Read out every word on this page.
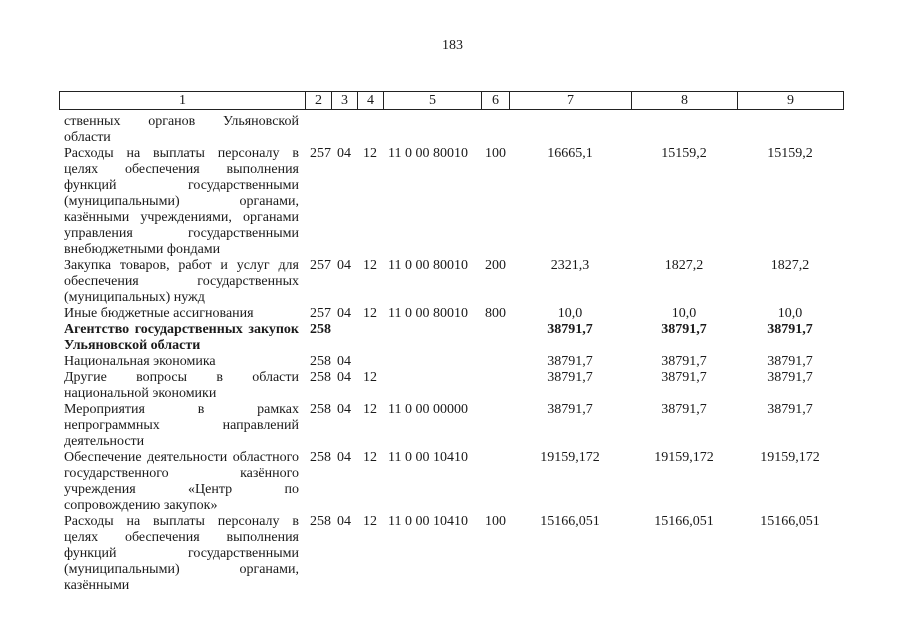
183
1	2	3	4	5	6	7	8	9
ственных органов Ульяновской области								

Расходы на выплаты персоналу в целях обеспечения выполнения функций государственными (муниципальными) органами, казёнными учреждениями, органами управления государственными внебюджетными фондами	257	04	12	11 0 00 80010	100	16665,1	15159,2	15159,2

Закупка товаров, работ и услуг для обеспечения государственных (муниципальных) нужд	257	04	12	11 0 00 80010	200	2321,3	1827,2	1827,2

Иные бюджетные ассигнования	257	04	12	11 0 00 80010	800	10,0	10,0	10,0

Агентство государственных закупок Ульяновской области	258					38791,7	38791,7	38791,7

Национальная экономика	258	04				38791,7	38791,7	38791,7

Другие вопросы в области национальной экономики	258	04	12			38791,7	38791,7	38791,7

Мероприятия в рамках непрограммных направлений деятельности	258	04	12	11 0 00 00000		38791,7	38791,7	38791,7

Обеспечение деятельности областного государственного казённого учреждения «Центр по сопровождению закупок»	258	04	12	11 0 00 10410		19159,172	19159,172	19159,172

Расходы на выплаты персоналу в целях обеспечения выполнения функций государственными (муниципальными) органами, казёнными	258	04	12	11 0 00 10410	100	15166,051	15166,051	15166,051
